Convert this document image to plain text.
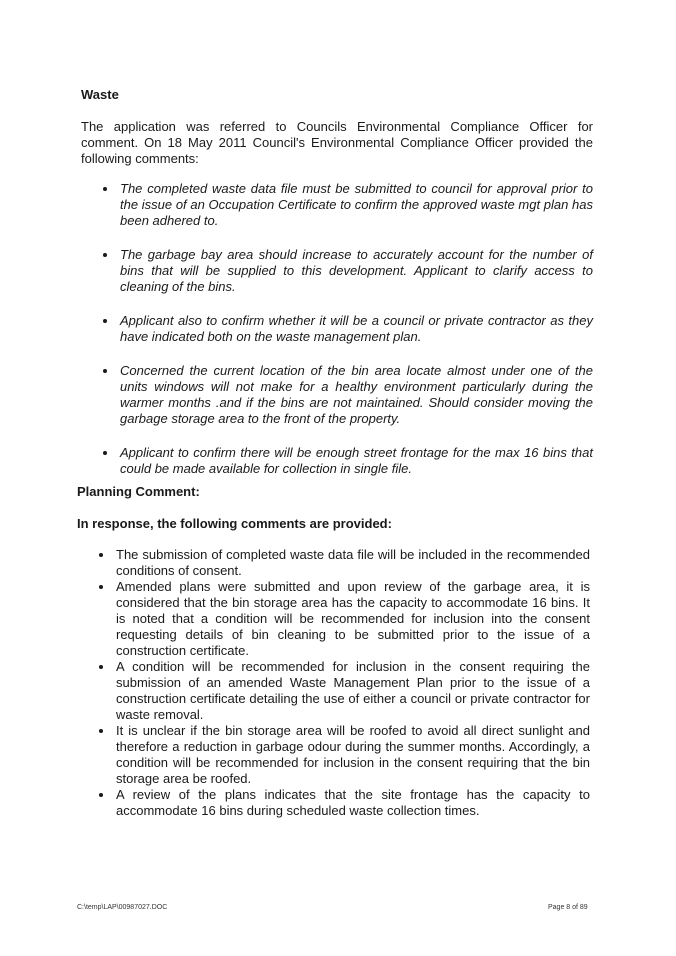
Waste

The application was referred to Councils Environmental Compliance Officer for comment. On 18 May 2011 Council's Environmental Compliance Officer provided the following comments:

The completed waste data file must be submitted to council for approval prior to the issue of an Occupation Certificate to confirm the approved waste mgt plan has been adhered to.
The garbage bay area should increase to accurately account for the number of bins that will be supplied to this development. Applicant to clarify access to cleaning of the bins.
Applicant also to confirm whether it will be a council or private contractor as they have indicated both on the waste management plan.
Concerned the current location of the bin area locate almost under one of the units windows will not make for a healthy environment particularly during the warmer months .and if the bins are not maintained. Should consider moving the garbage storage area to the front of the property.
Applicant to confirm there will be enough street frontage for the max 16 bins that could be made available for collection in single file.
Planning Comment:
In response, the following comments are provided:
The submission of completed waste data file will be included in the recommended conditions of consent.
Amended plans were submitted and upon review of the garbage area, it is considered that the bin storage area has the capacity to accommodate 16 bins. It is noted that a condition will be recommended for inclusion into the consent requesting details of bin cleaning to be submitted prior to the issue of a construction certificate.
A condition will be recommended for inclusion in the consent requiring the submission of an amended Waste Management Plan prior to the issue of a construction certificate detailing the use of either a council or private contractor for waste removal.
It is unclear if the bin storage area will be roofed to avoid all direct sunlight and therefore a reduction in garbage odour during the summer months. Accordingly, a condition will be recommended for inclusion in the consent requiring that the bin storage area be roofed.
A review of the plans indicates that the site frontage has the capacity to accommodate 16 bins during scheduled waste collection times.
C:\temp\LAP\00987027.DOC	Page 8 of 89
